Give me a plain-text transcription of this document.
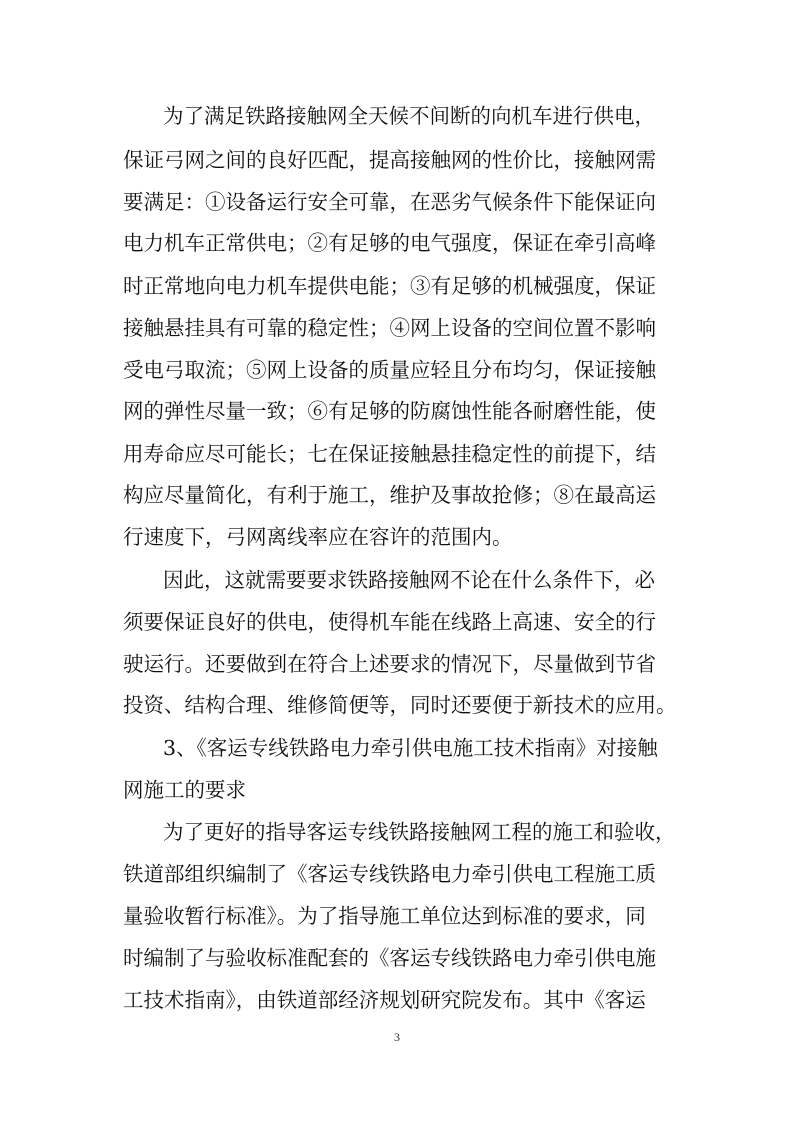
为了满足铁路接触网全天候不间断的向机车进行供电，
保证弓网之间的良好匹配，提高接触网的性价比，接触网需
要满足：①设备运行安全可靠，在恶劣气候条件下能保证向
电力机车正常供电；②有足够的电气强度，保证在牵引高峰
时正常地向电力机车提供电能；③有足够的机械强度，保证
接触悬挂具有可靠的稳定性；④网上设备的空间位置不影响
受电弓取流；⑤网上设备的质量应轻且分布均匀，保证接触
网的弹性尽量一致；⑥有足够的防腐蚀性能各耐磨性能，使
用寿命应尽可能长；七在保证接触悬挂稳定性的前提下，结
构应尽量简化，有利于施工，维护及事故抢修；⑧在最高运
行速度下，弓网离线率应在容许的范围内。
因此，这就需要要求铁路接触网不论在什么条件下，必
须要保证良好的供电，使得机车能在线路上高速、安全的行
驶运行。还要做到在符合上述要求的情况下，尽量做到节省
投资、结构合理、维修简便等，同时还要便于新技术的应用。
3、《客运专线铁路电力牵引供电施工技术指南》对接触
网施工的要求
为了更好的指导客运专线铁路接触网工程的施工和验收，
铁道部组织编制了《客运专线铁路电力牵引供电工程施工质
量验收暂行标准》。为了指导施工单位达到标准的要求，同
时编制了与验收标准配套的《客运专线铁路电力牵引供电施
工技术指南》，由铁道部经济规划研究院发布。其中《客运
3
